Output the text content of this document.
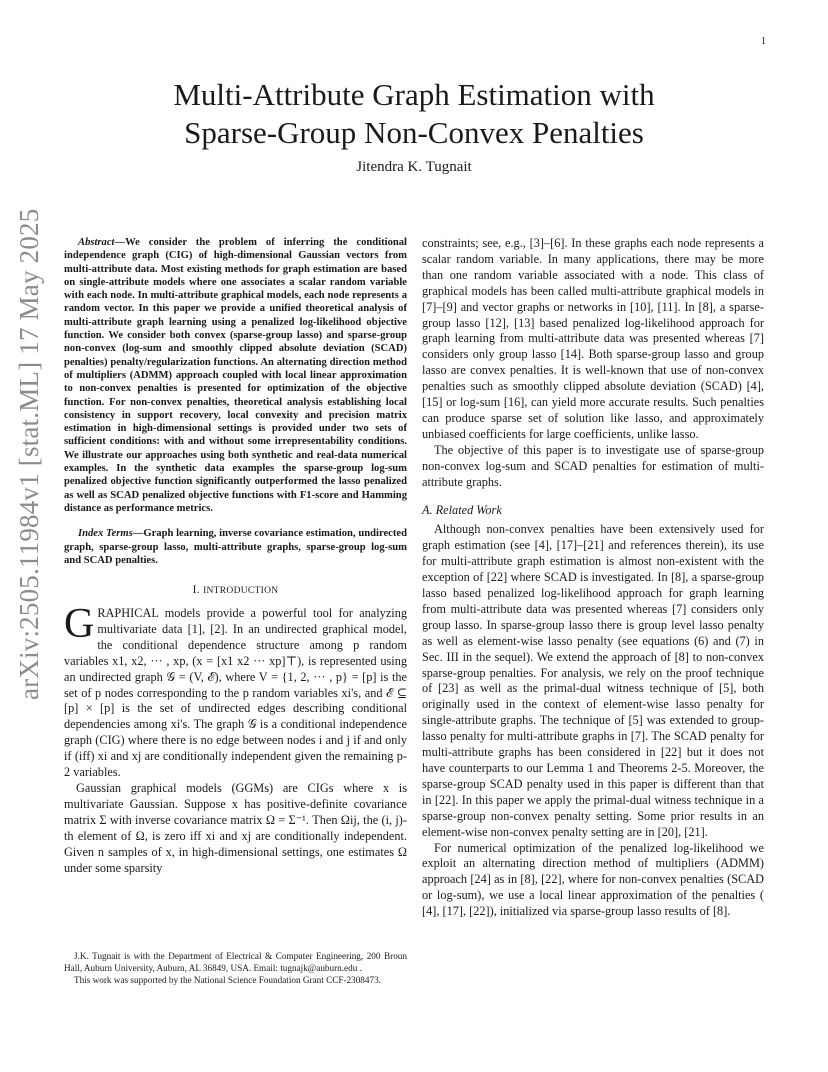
1
arXiv:2505.11984v1 [stat.ML] 17 May 2025
Multi-Attribute Graph Estimation with
Sparse-Group Non-Convex Penalties
Jitendra K. Tugnait

Abstract—We consider the problem of inferring the conditional independence graph (CIG) of high-dimensional Gaussian vectors from multi-attribute data. Most existing methods for graph estimation are based on single-attribute models where one associates a scalar random variable with each node. In multi-attribute graphical models, each node represents a random vector. In this paper we provide a unified theoretical analysis of multi-attribute graph learning using a penalized log-likelihood objective function. We consider both convex (sparse-group lasso) and sparse-group non-convex (log-sum and smoothly clipped absolute deviation (SCAD) penalties) penalty/regularization functions. An alternating direction method of multipliers (ADMM) approach coupled with local linear approximation to non-convex penalties is presented for optimization of the objective function. For non-convex penalties, theoretical analysis establishing local consistency in support recovery, local convexity and precision matrix estimation in high-dimensional settings is provided under two sets of sufficient conditions: with and without some irrepresentability conditions. We illustrate our approaches using both synthetic and real-data numerical examples. In the synthetic data examples the sparse-group log-sum penalized objective function significantly outperformed the lasso penalized as well as SCAD penalized objective functions with F1-score and Hamming distance as performance metrics.

Index Terms—Graph learning, inverse covariance estimation, undirected graph, sparse-group lasso, multi-attribute graphs, sparse-group log-sum and SCAD penalties.

I. INTRODUCTION

GRAPHICAL models provide a powerful tool for analyzing multivariate data [1], [2]. In an undirected graphical model, the conditional dependence structure among p random variables x1, x2, ··· , xp, (x = [x1 x2 ··· xp]⊤), is represented using an undirected graph 𝒢 = (V, ℰ), where V = {1, 2, ··· , p} = [p] is the set of p nodes corresponding to the p random variables xi's, and ℰ ⊆ [p] × [p] is the set of undirected edges describing conditional dependencies among xi's. The graph 𝒢 is a conditional independence graph (CIG) where there is no edge between nodes i and j if and only if (iff) xi and xj are conditionally independent given the remaining p-2 variables.

Gaussian graphical models (GGMs) are CIGs where x is multivariate Gaussian. Suppose x has positive-definite covariance matrix Σ with inverse covariance matrix Ω = Σ⁻¹. Then Ωij, the (i, j)-th element of Ω, is zero iff xi and xj are conditionally independent. Given n samples of x, in high-dimensional settings, one estimates Ω under some sparsity

J.K. Tugnait is with the Department of Electrical & Computer Engineering, 200 Broun Hall, Auburn University, Auburn, AL 36849, USA. Email: tugnajk@auburn.edu .

This work was supported by the National Science Foundation Grant CCF-2308473.

constraints; see, e.g., [3]–[6]. In these graphs each node represents a scalar random variable. In many applications, there may be more than one random variable associated with a node. This class of graphical models has been called multi-attribute graphical models in [7]–[9] and vector graphs or networks in [10], [11]. In [8], a sparse-group lasso [12], [13] based penalized log-likelihood approach for graph learning from multi-attribute data was presented whereas [7] considers only group lasso [14]. Both sparse-group lasso and group lasso are convex penalties. It is well-known that use of non-convex penalties such as smoothly clipped absolute deviation (SCAD) [4], [15] or log-sum [16], can yield more accurate results. Such penalties can produce sparse set of solution like lasso, and approximately unbiased coefficients for large coefficients, unlike lasso.

The objective of this paper is to investigate use of sparse-group non-convex log-sum and SCAD penalties for estimation of multi-attribute graphs.

A. Related Work

Although non-convex penalties have been extensively used for graph estimation (see [4], [17]–[21] and references therein), its use for multi-attribute graph estimation is almost non-existent with the exception of [22] where SCAD is investigated. In [8], a sparse-group lasso based penalized log-likelihood approach for graph learning from multi-attribute data was presented whereas [7] considers only group lasso. In sparse-group lasso there is group level lasso penalty as well as element-wise lasso penalty (see equations (6) and (7) in Sec. III in the sequel). We extend the approach of [8] to non-convex sparse-group penalties. For analysis, we rely on the proof technique of [23] as well as the primal-dual witness technique of [5], both originally used in the context of element-wise lasso penalty for single-attribute graphs. The technique of [5] was extended to group-lasso penalty for multi-attribute graphs in [7]. The SCAD penalty for multi-attribute graphs has been considered in [22] but it does not have counterparts to our Lemma 1 and Theorems 2-5. Moreover, the sparse-group SCAD penalty used in this paper is different than that in [22]. In this paper we apply the primal-dual witness technique in a sparse-group non-convex penalty setting. Some prior results in an element-wise non-convex penalty setting are in [20], [21].

For numerical optimization of the penalized log-likelihood we exploit an alternating direction method of multipliers (ADMM) approach [24] as in [8], [22], where for non-convex penalties (SCAD or log-sum), we use a local linear approximation of the penalties ( [4], [17], [22]), initialized via sparse-group lasso results of [8].
